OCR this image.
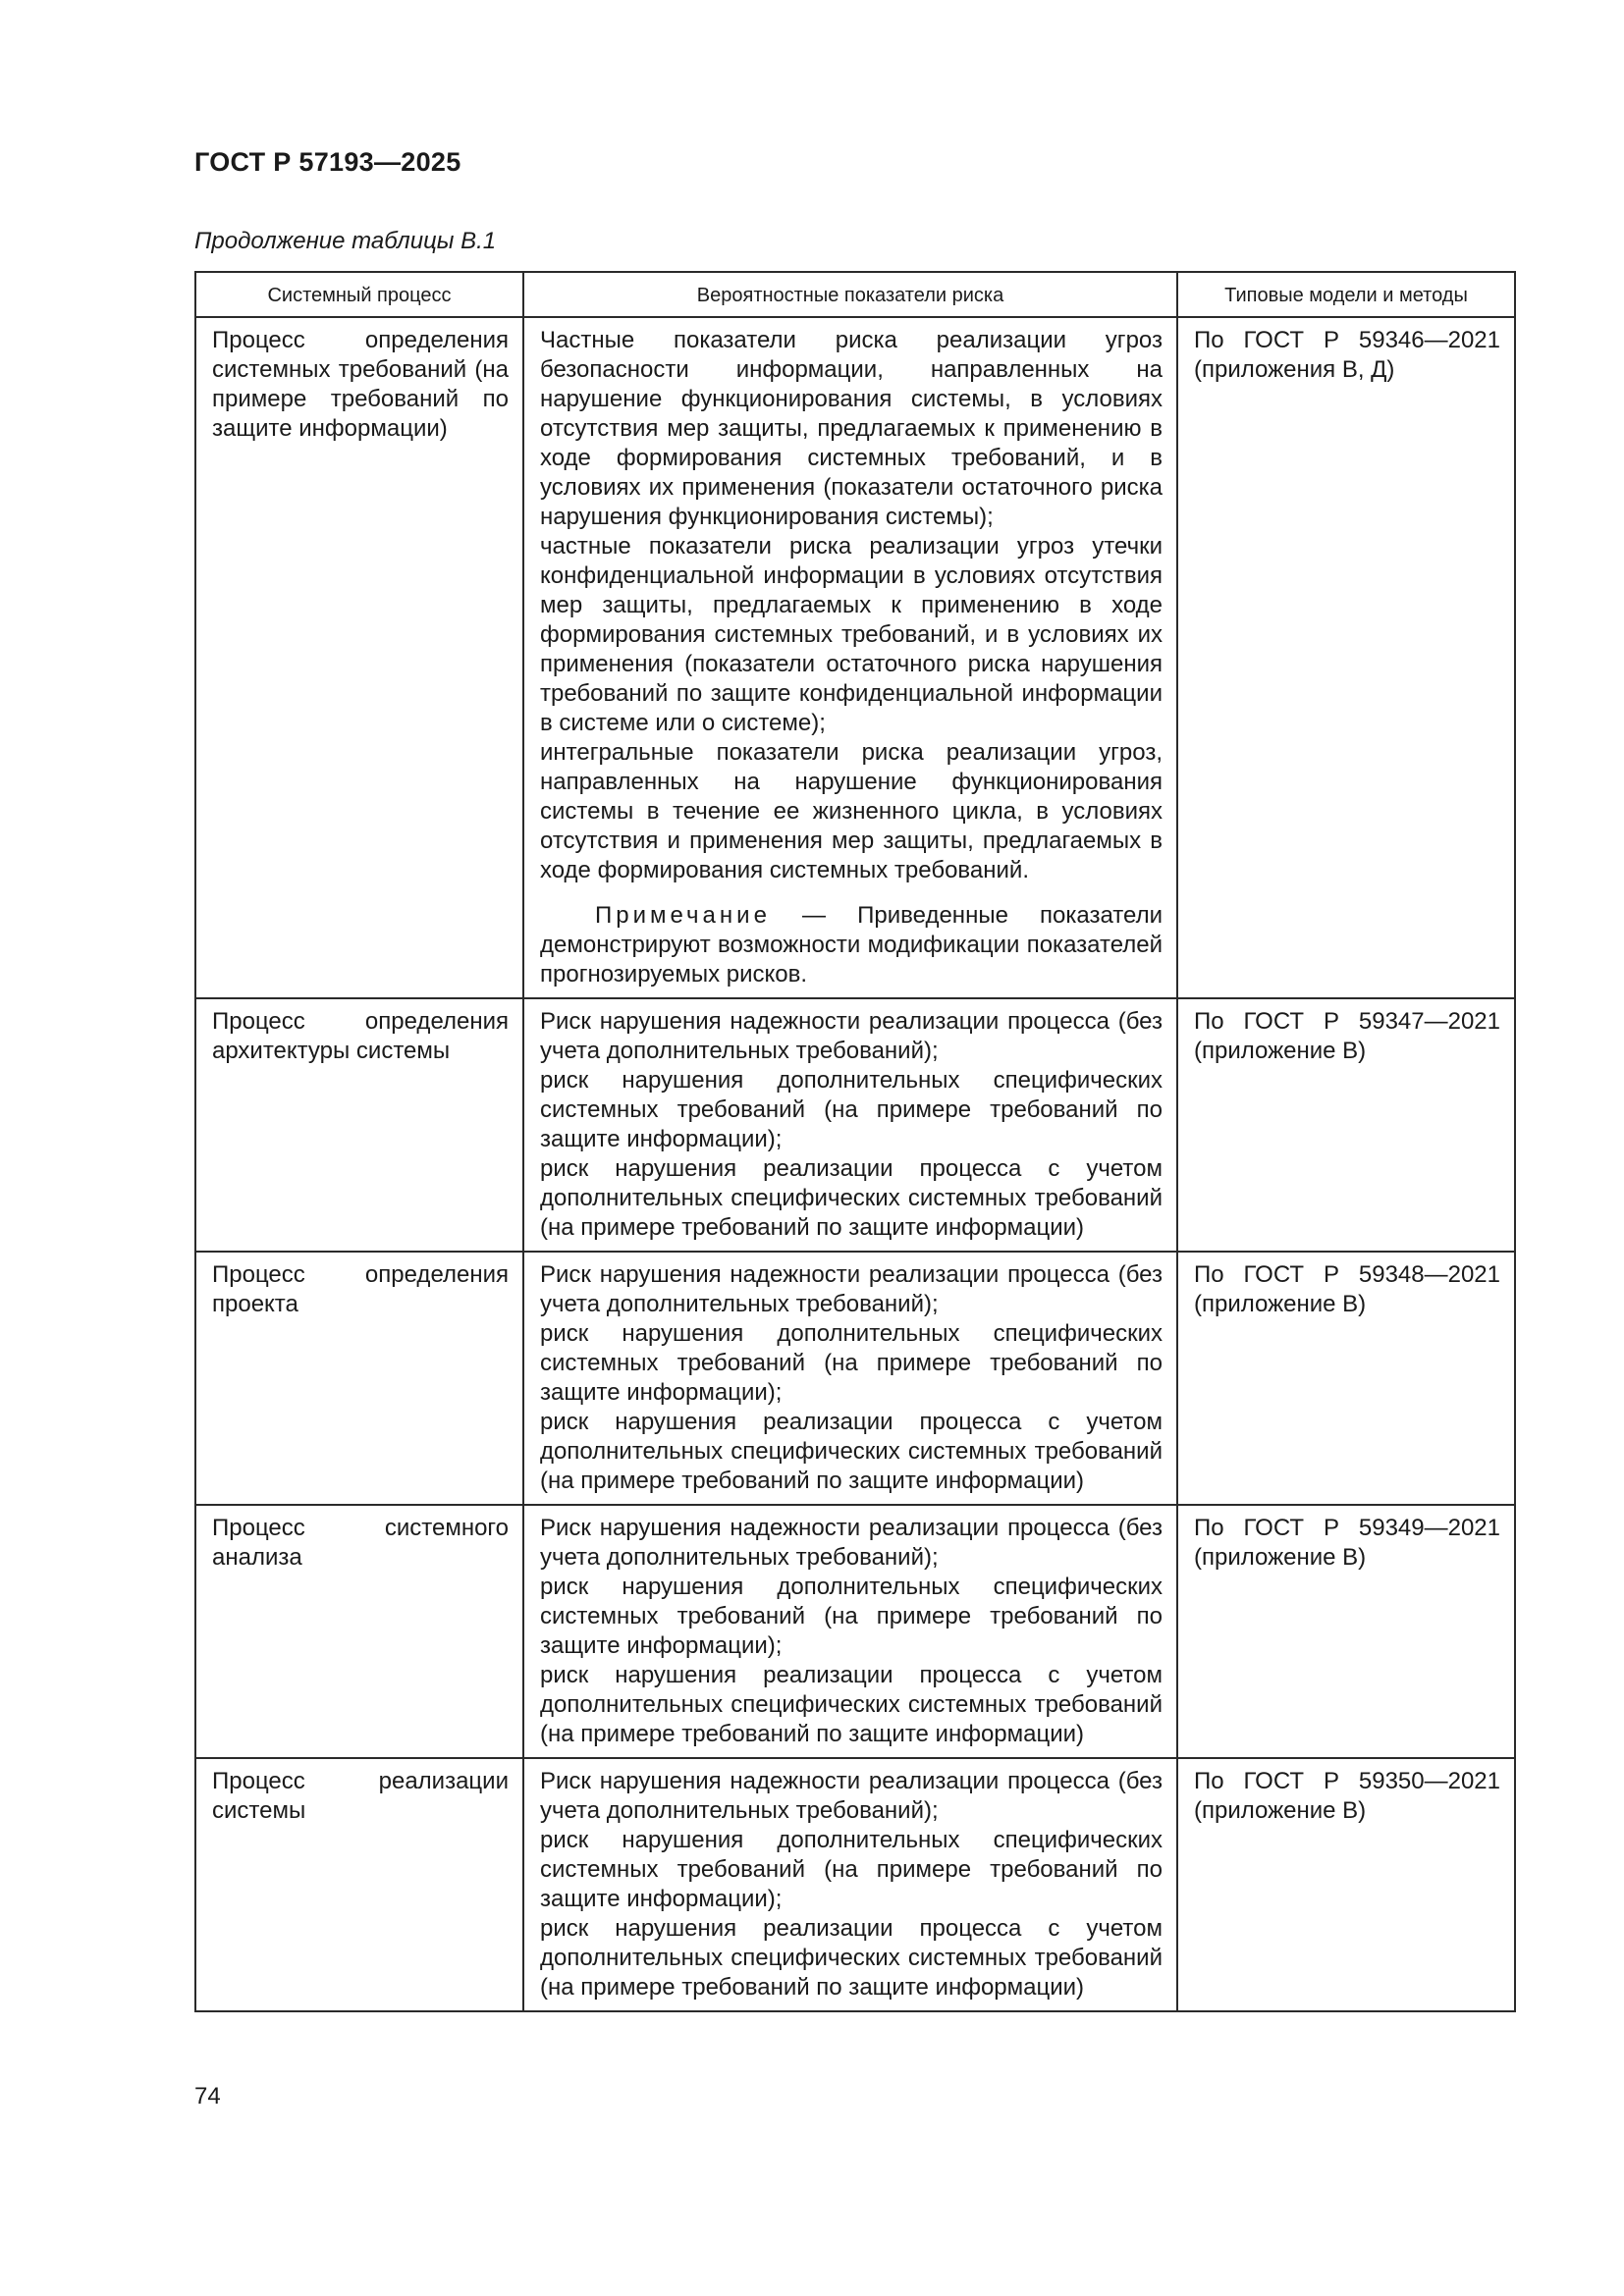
ГОСТ Р 57193—2025
Продолжение таблицы В.1
Системный процесс	Вероятностные показатели риска	Типовые модели и методы
Процесс определения системных требований (на примере требований по защите информации)	Частные показатели риска реализации угроз безопасности информации, направленных на нарушение функционирования системы, в условиях отсутствия мер защиты, предлагаемых к применению в ходе формирования системных требований, и в условиях их применения (показатели остаточного риска нарушения функционирования системы);
частные показатели риска реализации угроз утечки конфиденциальной информации в условиях отсутствия мер защиты, предлагаемых к применению в ходе формирования системных требований, и в условиях их применения (показатели остаточного риска нарушения требований по защите конфиденциальной информации в системе или о системе);
интегральные показатели риска реализации угроз, направленных на нарушение функционирования системы в течение ее жизненного цикла, в условиях отсутствия и применения мер защиты, предлагаемых в ходе формирования системных требований.
Примечание — Приведенные показатели демонстрируют возможности модификации показателей прогнозируемых рисков.	По ГОСТ Р 59346—2021 (приложения В, Д)
Процесс определения архитектуры системы	Риск нарушения надежности реализации процесса (без учета дополнительных требований);
риск нарушения дополнительных специфических системных требований (на примере требований по защите информации);
риск нарушения реализации процесса с учетом дополнительных специфических системных требований (на примере требований по защите информации)	По ГОСТ Р 59347—2021 (приложение В)
Процесс определения проекта	Риск нарушения надежности реализации процесса (без учета дополнительных требований);
риск нарушения дополнительных специфических системных требований (на примере требований по защите информации);
риск нарушения реализации процесса с учетом дополнительных специфических системных требований (на примере требований по защите информации)	По ГОСТ Р 59348—2021 (приложение В)
Процесс системного анализа	Риск нарушения надежности реализации процесса (без учета дополнительных требований);
риск нарушения дополнительных специфических системных требований (на примере требований по защите информации);
риск нарушения реализации процесса с учетом дополнительных специфических системных требований (на примере требований по защите информации)	По ГОСТ Р 59349—2021 (приложение В)
Процесс реализации системы	Риск нарушения надежности реализации процесса (без учета дополнительных требований);
риск нарушения дополнительных специфических системных требований (на примере требований по защите информации);
риск нарушения реализации процесса с учетом дополнительных специфических системных требований (на примере требований по защите информации)	По ГОСТ Р 59350—2021 (приложение В)
74
